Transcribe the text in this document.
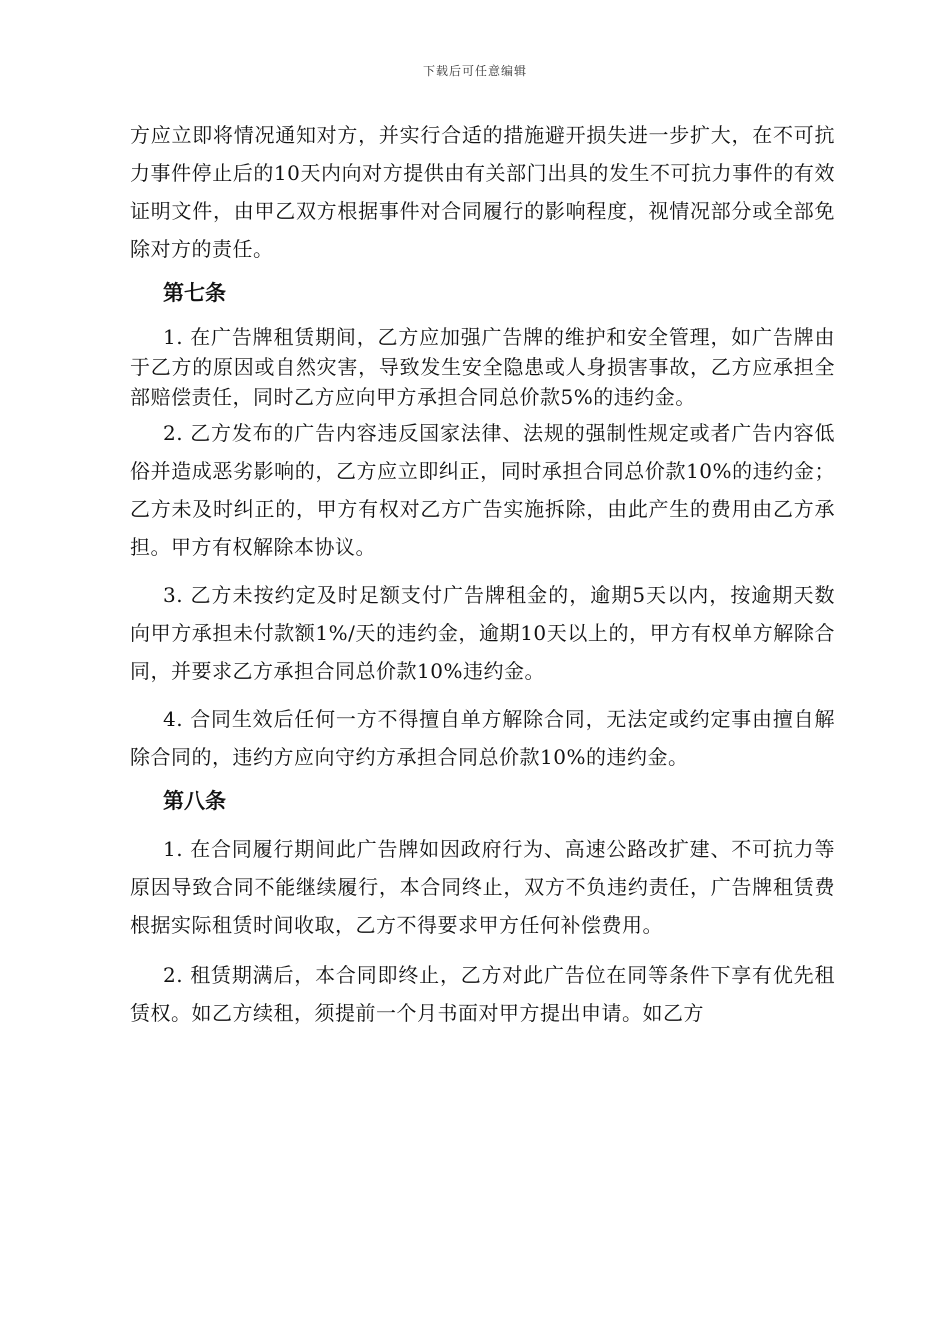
下载后可任意编辑

方应立即将情况通知对方，并实行合适的措施避开损失进一步扩大，在不可抗力事件停止后的10天内向对方提供由有关部门出具的发生不可抗力事件的有效证明文件，由甲乙双方根据事件对合同履行的影响程度，视情况部分或全部免除对方的责任。

第七条

1. 在广告牌租赁期间，乙方应加强广告牌的维护和安全管理，如广告牌由于乙方的原因或自然灾害，导致发生安全隐患或人身损害事故，乙方应承担全部赔偿责任，同时乙方应向甲方承担合同总价款5%的违约金。

2. 乙方发布的广告内容违反国家法律、法规的强制性规定或者广告内容低俗并造成恶劣影响的，乙方应立即纠正，同时承担合同总价款10%的违约金；乙方未及时纠正的，甲方有权对乙方广告实施拆除，由此产生的费用由乙方承担。甲方有权解除本协议。

3. 乙方未按约定及时足额支付广告牌租金的，逾期5天以内，按逾期天数向甲方承担未付款额1%/天的违约金，逾期10天以上的，甲方有权单方解除合同，并要求乙方承担合同总价款10%违约金。

4. 合同生效后任何一方不得擅自单方解除合同，无法定或约定事由擅自解除合同的，违约方应向守约方承担合同总价款10%的违约金。

第八条

1. 在合同履行期间此广告牌如因政府行为、高速公路改扩建、不可抗力等原因导致合同不能继续履行，本合同终止，双方不负违约责任，广告牌租赁费根据实际租赁时间收取，乙方不得要求甲方任何补偿费用。

2. 租赁期满后，本合同即终止，乙方对此广告位在同等条件下享有优先租赁权。如乙方续租，须提前一个月书面对甲方提出申请。如乙方
